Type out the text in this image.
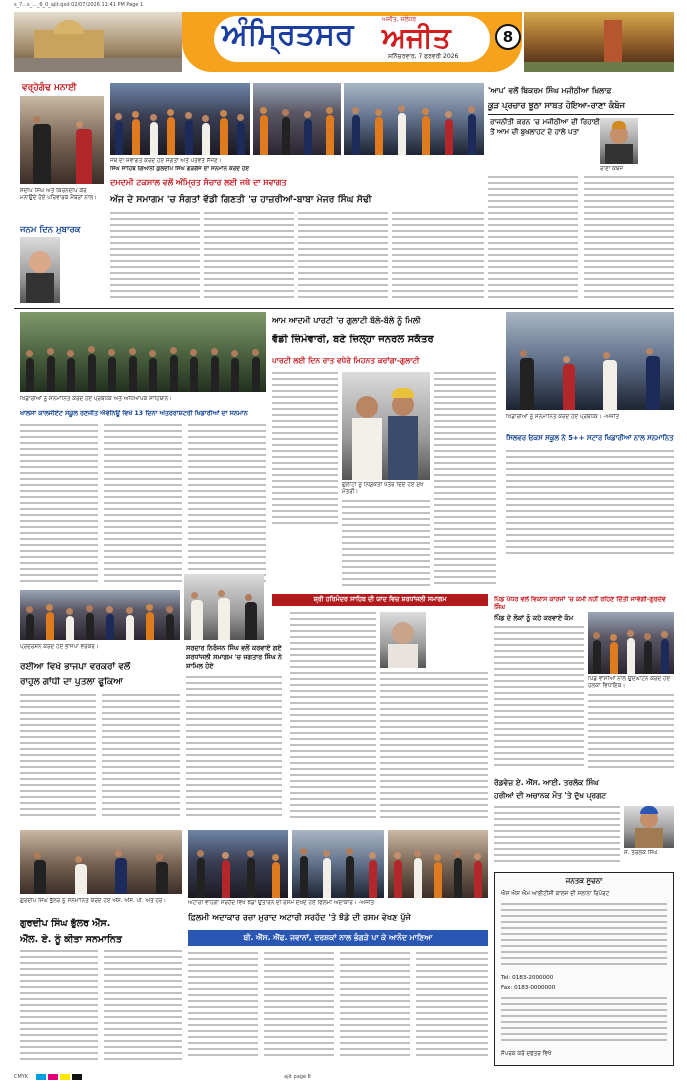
s_7...s_..._6_0_ajit.qxd 02/07/2026 11:41 PM Page 1
ਅੰਮ੍ਰਿਤਸਰ	ਅਜੀਤ, ਜਲੰਧਰ
ਅਜੀਤ
ਸਨਿੱਚਰਵਾਰ, 7 ਫਰਵਰੀ 2026
8
ਵਰ੍ਹੇਗੰਢ ਮਨਾਈ
ਸੰਦੀਪ ਸਿੰਘ ਅਤੇ ਕਿਰਨਦੀਪ ਕੌਰ ਮਨਾਉਂਦੇ ਹੋਏ ਪਰਿਵਾਰਕ ਮੈਂਬਰਾਂ ਨਾਲ।
ਜਨਮ ਦਿਨ ਮੁਬਾਰਕ
ਜਥੇ ਦਾ ਸਵਾਗਤ ਕਰਦੇ ਹੋਏ ਸੰਗਤਾਂ ਅਤੇ ਪਤਵੰਤੇ ਸੱਜਣ।
ਸਿੰਘ ਸਾਹਿਬ ਗਿਆਨੀ ਕੁਲਦੀਪ ਸਿੰਘ ਗੜਗੱਜ ਦਾ ਸਨਮਾਨ ਕਰਦੇ ਹੋਏ
ਦਮਦਮੀ ਟਕਸਾਲ ਵਲੋਂ ਅੰਮ੍ਰਿਤ ਸੰਚਾਰ ਲਈ ਜਥੇ ਦਾ ਸਵਾਗਤ
ਅੱਜ ਦੇ ਸਮਾਗਮ 'ਚ ਸੰਗਤਾਂ ਵੱਡੀ ਗਿਣਤੀ 'ਚ ਹਾਜ਼ਰੀਆਂ-ਬਾਬਾ ਮੇਜਰ ਸਿੰਘ ਸੋਢੀ
'ਆਪ' ਵਲੋਂ ਬਿਕਰਮ ਸਿੰਘ ਮਜੀਠੀਆ ਖ਼ਿਲਾਫ਼
ਕੂੜ ਪ੍ਰਚਾਰ ਝੂਠਾ ਸਾਬਤ ਹੋਇਆ-ਰਾਣਾ ਕੰਬੋਜ
ਰਾਜਨੀਤੀ ਕਰਨ 'ਚ ਮਜੀਠੀਆ ਦੀ ਰਿਹਾਈ ਤੋਂ ਆਮ ਦੀ ਬੁਖਲਾਹਟ ਦੇ ਹਾਲੇ ਪਤਾ
ਰਾਣਾ ਕੰਬੋਜ
ਖਿਡਾਰੀਆਂ ਨੂੰ ਸਨਮਾਨਿਤ ਕਰਦੇ ਹੋਏ ਪ੍ਰਬੰਧਕ ਅਤੇ ਅਧਿਆਪਕ ਸਾਹਿਬਾਨ।
ਖਾਲਸਾ ਕਾਲਜੀਏਟ ਸਕੂਲ ਰਣਜੀਤ ਐਵੇਨਿਊ ਵਿਖੇ 13 ਦਿਨਾ ਅੰਤਰਰਾਸ਼ਟਰੀ ਖਿਡਾਰੀਆਂ ਦਾ ਸਨਮਾਨ
ਆਮ ਆਦਮੀ ਪਾਰਟੀ 'ਚ ਗੁਲਾਟੀ ਬੱਲੇ-ਬੱਲੇ ਨੂੰ ਮਿਲੀ
ਵੱਡੀ ਜ਼ਿੰਮੇਵਾਰੀ, ਬਣੇ ਜ਼ਿਲ੍ਹਾ ਜਨਰਲ ਸਕੱਤਰ
ਪਾਰਟੀ ਲਈ ਦਿਨ ਰਾਤ ਵਧੇਰੇ ਮਿਹਨਤ ਕਰਾਂਗਾ-ਗੁਲਾਟੀ
ਗੁਲਾਟੀ ਨੂੰ ਨਿਯੁਕਤੀ ਪੱਤਰ ਦਿੰਦੇ ਹੋਏ ਮੁੱਖ ਮੰਤਰੀ।
ਖਿਡਾਰੀਆਂ ਨੂੰ ਸਨਮਾਨਿਤ ਕਰਦੇ ਹੋਏ ਪ੍ਰਬੰਧਕ। -ਅਜੀਤ
ਸਿਲਵਰ ਓਕਸ ਸਕੂਲ ਨੇ 5++ ਸਟਾਰ ਖਿਡਾਰੀਆਂ ਨਾਲ ਸਨਮਾਨਿਤ
ਪ੍ਰਦਰਸ਼ਨ ਕਰਦੇ ਹੋਏ ਭਾਜਪਾ ਵਰਕਰ।
ਰਈਆ ਵਿਖੇ ਭਾਜਪਾ ਵਰਕਰਾਂ ਵਲੋਂ
ਰਾਹੁਲ ਗਾਂਧੀ ਦਾ ਪੁਤਲਾ ਫੂਕਿਆ
ਸ਼੍ਰੀ ਹਰਿਮੰਦਰ ਸਾਹਿਬ ਦੀ ਯਾਦ ਵਿਚ ਸ਼ਰਧਾਂਜਲੀ ਸਮਾਗਮ
ਸਰਦਾਰ ਨਿਰੰਜਨ ਸਿੰਘ ਵਲੋਂ ਕਰਵਾਏ ਗਏ ਸ਼ਰਧਾਂਜਲੀ ਸਮਾਗਮ 'ਚ ਜਗਤਾਰ ਸਿੰਘ ਨੇ ਸ਼ਾਮਿਲ ਹੋਏ
ਪਿੰਡ ਪੱਧਰ ਵਲੋਂ ਵਿਕਾਸ ਕਾਰਜਾਂ 'ਚ ਕਮੀ ਨਹੀਂ ਰਹਿਣ ਦਿੱਤੀ ਜਾਵੇਗੀ-ਗੁਰਦੇਵ ਸਿੰਘ
ਪਿੰਡ ਦੇ ਲੋਕਾਂ ਨੂੰ ਕਹੇ ਕਰਵਾਏ ਕੰਮ
ਪਿੰਡ ਵਾਸੀਆਂ ਨਾਲ ਉਦਘਾਟਨ ਕਰਦੇ ਹੋਏ ਹਲਕਾ ਵਿਧਾਇਕ।
ਰੋਡਵੇਜ਼ ਏ. ਐੱਸ. ਆਈ. ਤਰਲੋਕ ਸਿੰਘ
ਹਰੀਆਂ ਦੀ ਅਚਾਨਕ ਮੌਤ 'ਤੇ ਦੁੱਖ ਪ੍ਰਗਟ
ਸ. ਤਰਲੋਕ ਸਿੰਘ
ਗੁਰਦੀਪ ਸਿੰਘ ਭੁੱਲਰ ਨੂੰ ਸਨਮਾਨਿਤ ਕਰਦੇ ਹੋਏ ਐੱਸ. ਐੱਸ. ਪੀ. ਅਤੇ ਹੋਰ।
ਗੁਰਦੀਪ ਸਿੰਘ ਭੁੱਲਰ ਐੱਸ.
ਐੱਲ. ਏ. ਨੂੰ ਕੀਤਾ ਸਨਮਾਨਿਤ
ਅਟਾਰੀ ਵਾਹਗਾ ਸਰਹੱਦ ਵਿਖੇ ਝੰਡਾ ਉਤਾਰਨ ਦੀ ਰਸਮ ਦੇਖਦੇ ਹੋਏ ਫਿਲਮੀ ਅਦਾਕਾਰ। -ਅਜੀਤ
ਫ਼ਿਲਮੀ ਅਦਾਕਾਰ ਰਜ਼ਾ ਮੁਰਾਦ ਅਟਾਰੀ ਸਰਹੱਦ 'ਤੇ ਝੰਡੇ ਦੀ ਰਸਮ ਵੇਖਣ ਪੁੱਜੇ
ਬੀ. ਐੱਸ. ਐੱਫ. ਜਵਾਨਾਂ, ਦਰਸ਼ਕਾਂ ਨਾਲ ਭੰਗੜੇ ਪਾ ਕੇ ਆਨੰਦ ਮਾਣਿਆ
ਜਨਤਕ ਸੂਚਨਾ
ਐਸ ਐਸ ਐਮ ਆਈਟੀਸੀ ਕਾਲਜ ਦੀ ਸਲਾਨਾ ਰਿਪੋਰਟ
Tel: 0183-2000000
Fax: 0183-0000000
ਸੰਪਰਕ ਕਰੋ ਦਫਤਰ ਵਿਖੇ
CMYK	ajit page 8
